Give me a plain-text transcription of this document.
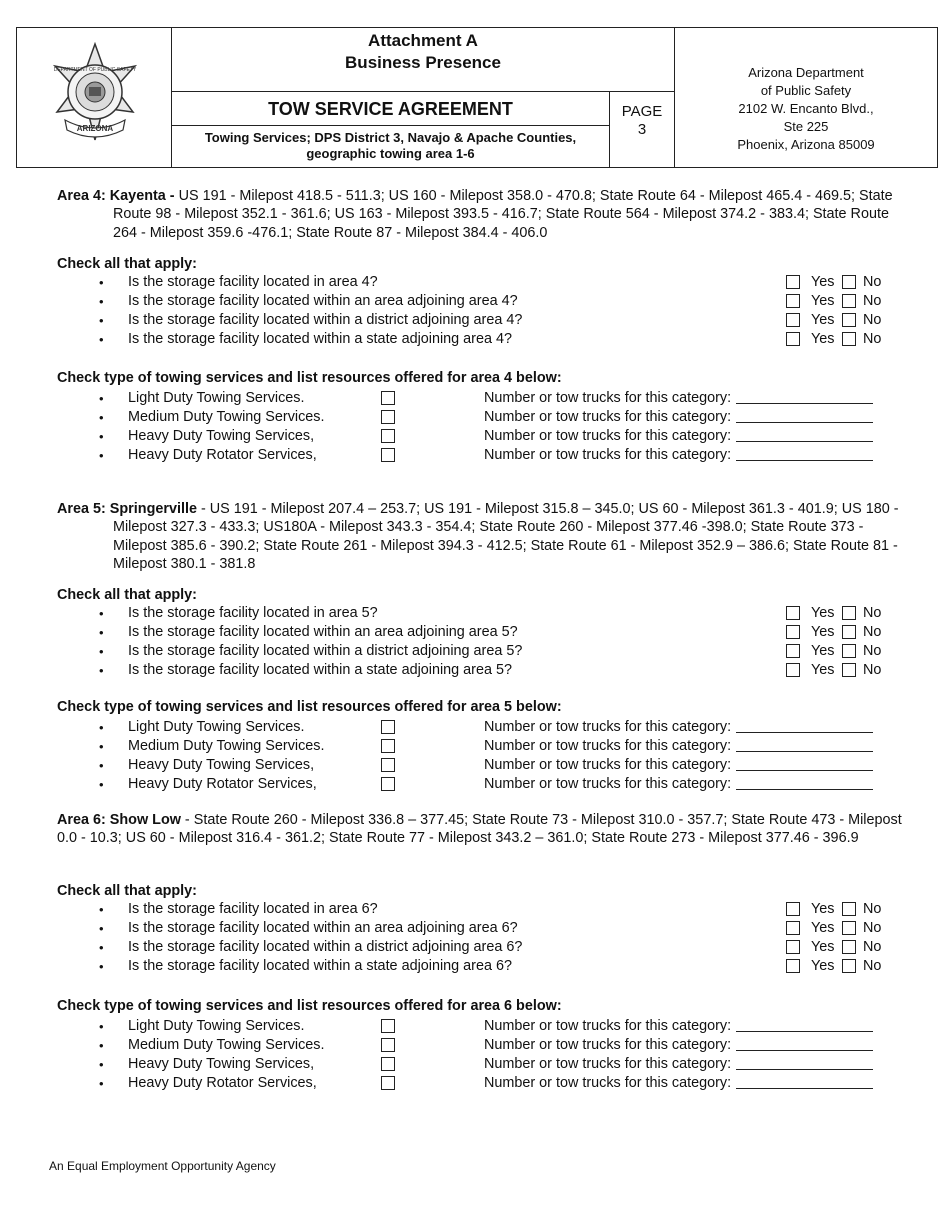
DEPARTMENT OF PUBLIC SAFETY
ARIZONA
Attachment A
Business Presence
TOW SERVICE AGREEMENT
Towing Services; DPS District 3, Navajo & Apache Counties,
geographic towing area 1-6
PAGE
3
Arizona Department
of Public Safety
2102 W. Encanto Blvd.,
Ste 225
Phoenix, Arizona 85009
Area 4: Kayenta - US 191 - Milepost 418.5 - 511.3; US 160 - Milepost 358.0 - 470.8; State Route 64 - Milepost 465.4 - 469.5; State Route 98 - Milepost 352.1 - 361.6; US 163 - Milepost 393.5 - 416.7; State Route 564 - Milepost 374.2 - 383.4; State Route 264 - Milepost 359.6 -476.1; State Route 87 - Milepost 384.4 - 406.0
Check all that apply:
• Is the storage facility located in area 4?	Yes No
• Is the storage facility located within an area adjoining area 4?	Yes No
• Is the storage facility located within a district adjoining area 4?	Yes No
• Is the storage facility located within a state adjoining area 4?	Yes No
Check type of towing services and list resources offered for area 4 below:
• Light Duty Towing Services.	Number or tow trucks for this category:
• Medium Duty Towing Services.	Number or tow trucks for this category:
• Heavy Duty Towing Services,	Number or tow trucks for this category:
• Heavy Duty Rotator Services,	Number or tow trucks for this category:
Area 5: Springerville - US 191 - Milepost 207.4 – 253.7; US 191 - Milepost 315.8 – 345.0; US 60 - Milepost 361.3 - 401.9; US 180 - Milepost 327.3 - 433.3; US180A - Milepost 343.3 - 354.4; State Route 260 - Milepost 377.46 -398.0; State Route 373 - Milepost 385.6 - 390.2; State Route 261 - Milepost 394.3 - 412.5; State Route 61 - Milepost 352.9 – 386.6; State Route 81 - Milepost 380.1 - 381.8
Check all that apply:
• Is the storage facility located in area 5?	Yes No
• Is the storage facility located within an area adjoining area 5?	Yes No
• Is the storage facility located within a district adjoining area 5?	Yes No
• Is the storage facility located within a state adjoining area 5?	Yes No
Check type of towing services and list resources offered for area 5 below:
• Light Duty Towing Services.	Number or tow trucks for this category:
• Medium Duty Towing Services.	Number or tow trucks for this category:
• Heavy Duty Towing Services,	Number or tow trucks for this category:
• Heavy Duty Rotator Services,	Number or tow trucks for this category:
Area 6: Show Low - State Route 260 - Milepost 336.8 – 377.45; State Route 73 - Milepost 310.0 - 357.7; State Route 473 - Milepost 0.0 - 10.3; US 60 - Milepost 316.4 - 361.2; State Route 77 - Milepost 343.2 – 361.0; State Route 273 - Milepost 377.46 - 396.9
Check all that apply:
• Is the storage facility located in area 6?	Yes No
• Is the storage facility located within an area adjoining area 6?	Yes No
• Is the storage facility located within a district adjoining area 6?	Yes No
• Is the storage facility located within a state adjoining area 6?	Yes No
Check type of towing services and list resources offered for area 6 below:
• Light Duty Towing Services.	Number or tow trucks for this category:
• Medium Duty Towing Services.	Number or tow trucks for this category:
• Heavy Duty Towing Services,	Number or tow trucks for this category:
• Heavy Duty Rotator Services,	Number or tow trucks for this category:
An Equal Employment Opportunity Agency
